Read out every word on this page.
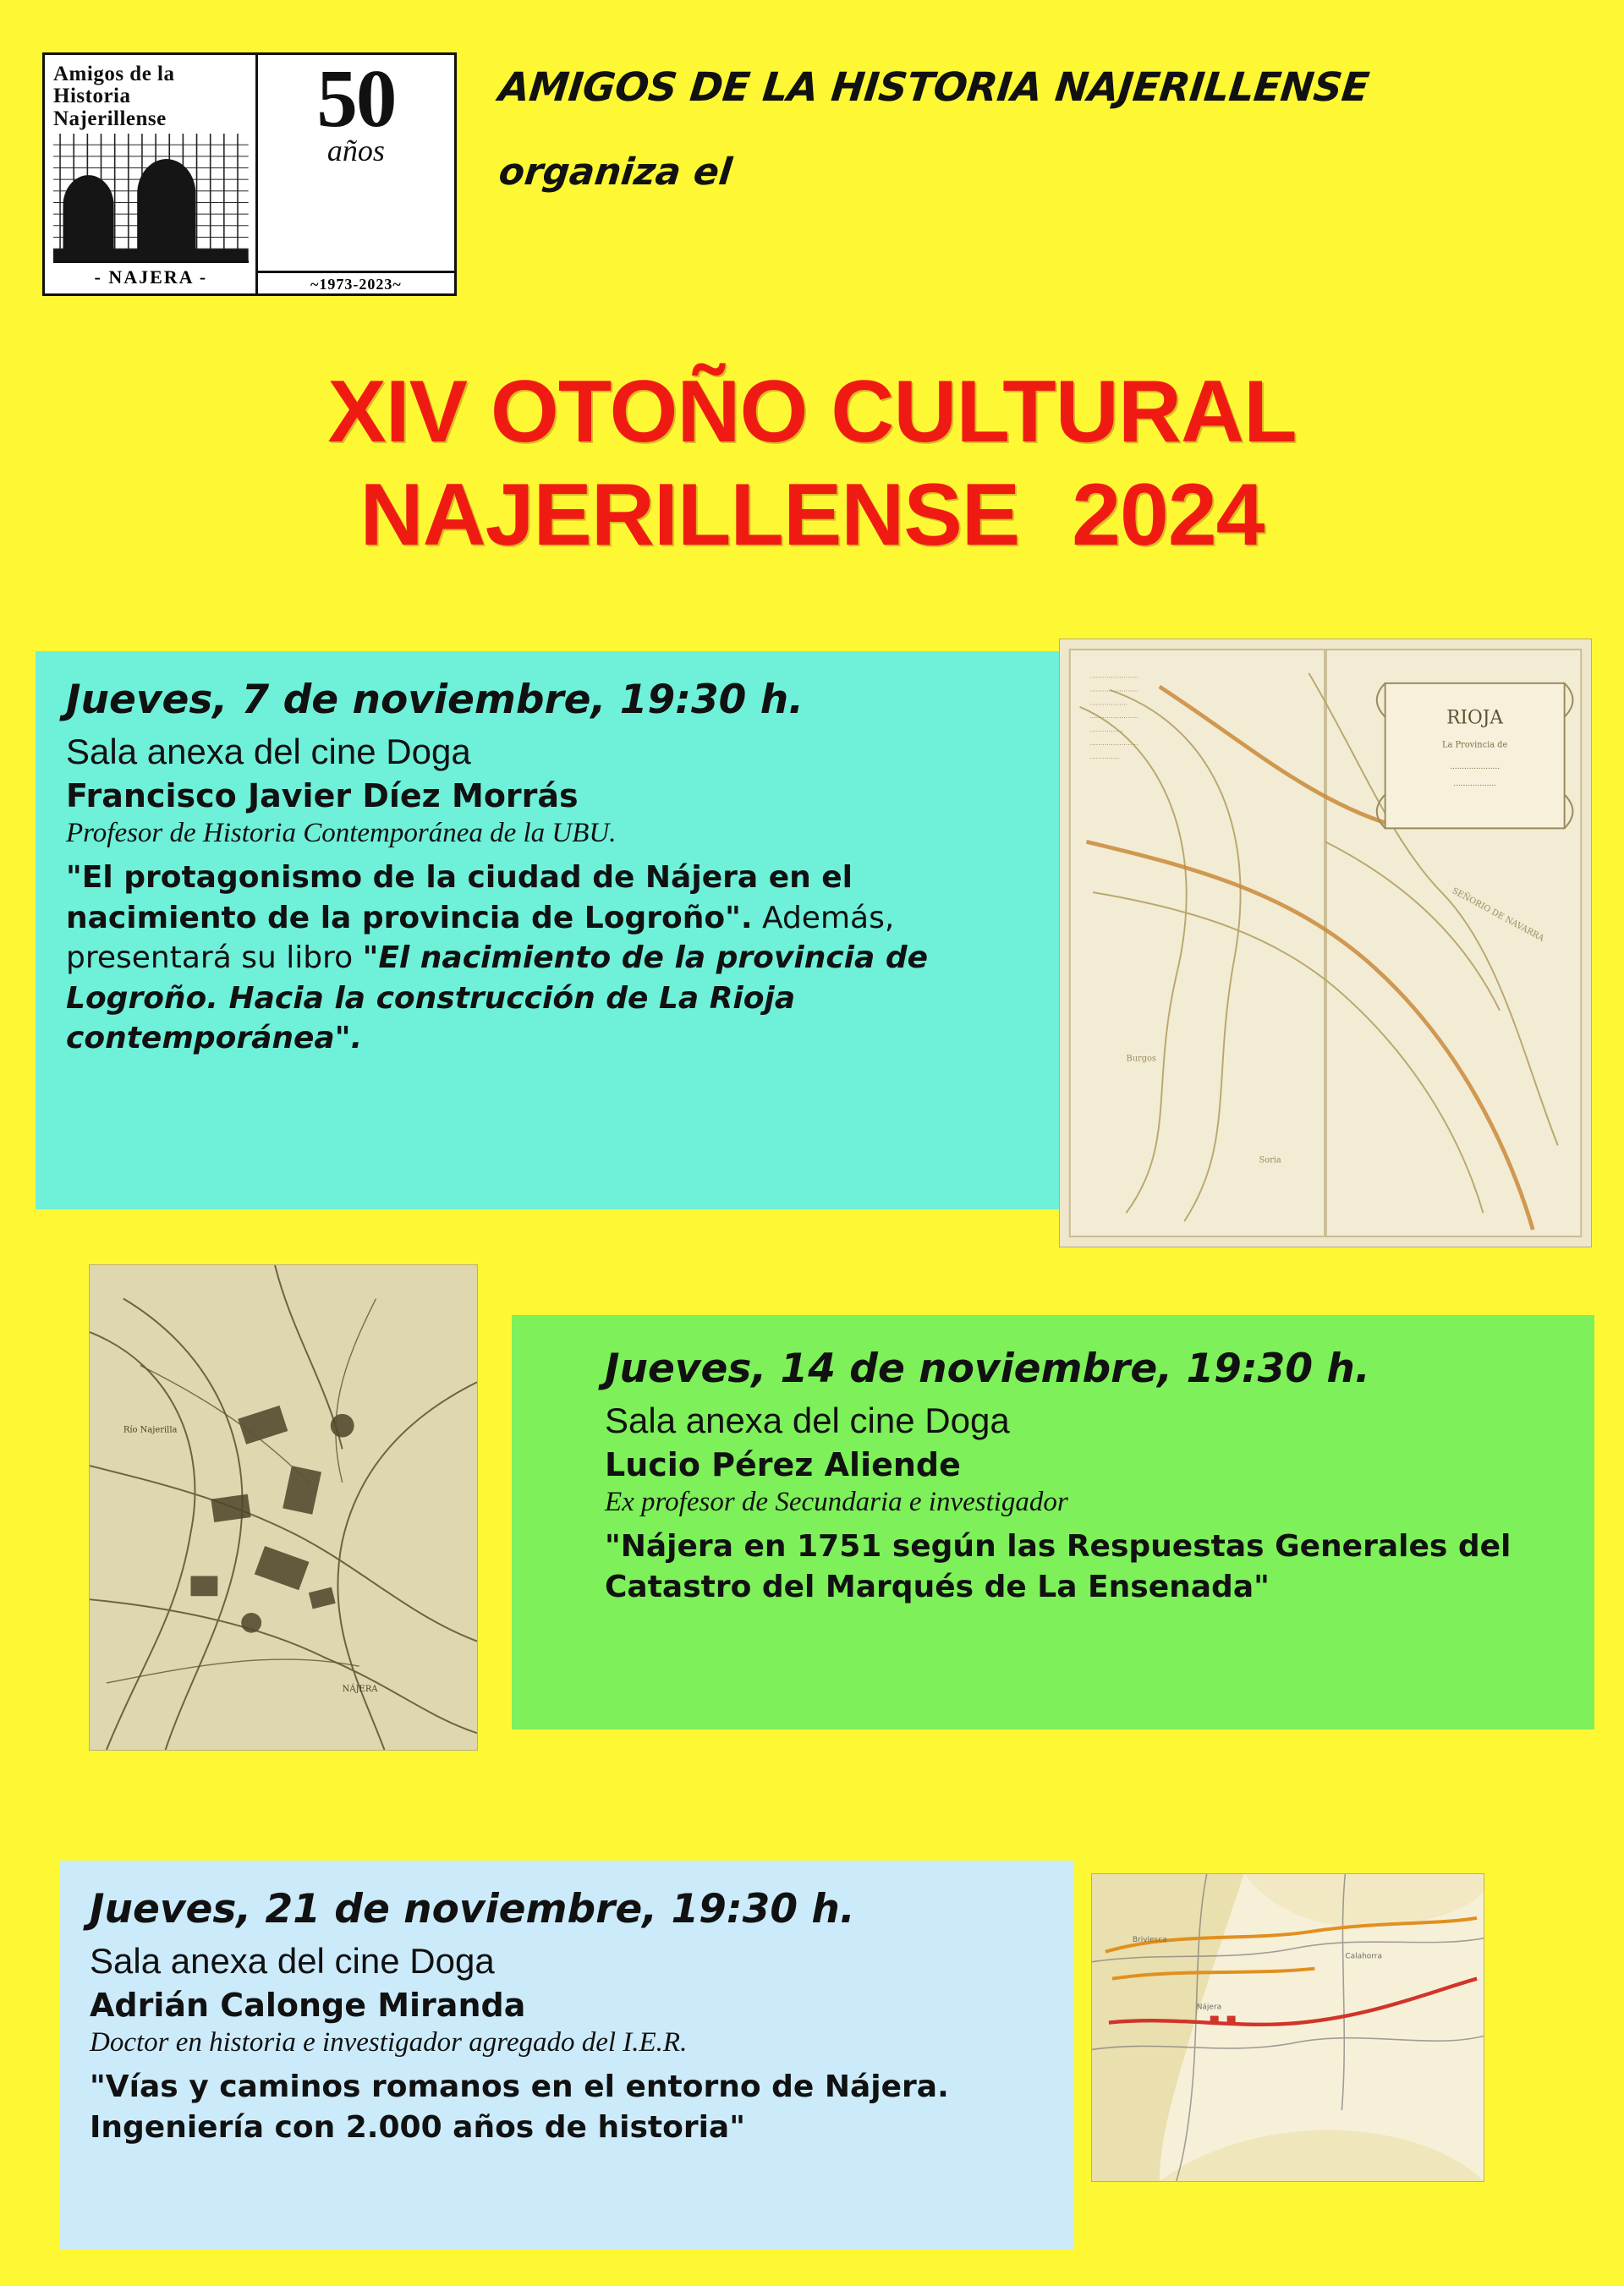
Amigos de la Historia Najerillense
- NAJERA -
50
años
~1973-2023~
AMIGOS DE LA HISTORIA NAJERILLENSE
organiza el
XIV OTOÑO CULTURAL
NAJERILLENSE 2024
Jueves, 7 de noviembre, 19:30 h.
Sala anexa del cine Doga
Francisco Javier Díez Morrás
Profesor de Historia Contemporánea de la UBU.
"El protagonismo de la ciudad de Nájera en el nacimiento de la provincia de Logroño". Además, presentará su libro "El nacimiento de la provincia de Logroño. Hacia la construcción de La Rioja contemporánea".
·······················
·······················
··················
·······················
················
·······················
··············
RIOJA
La Provincia de
·····················
··················
SEÑORIO DE NAVARRA
Burgos
Soria
NÁJERA
Río Najerilla
Jueves, 14 de noviembre, 19:30 h.
Sala anexa del cine Doga
Lucio Pérez Aliende
Ex profesor de Secundaria e investigador
"Nájera en 1751 según las Respuestas Generales del Catastro del Marqués de La Ensenada"
Jueves, 21 de noviembre, 19:30 h.
Sala anexa del cine Doga
Adrián Calonge Miranda
Doctor en historia e investigador agregado del I.E.R.
"Vías y caminos romanos en el entorno de Nájera. Ingeniería con 2.000 años de historia"
Calahorra
Nájera
Briviesca
